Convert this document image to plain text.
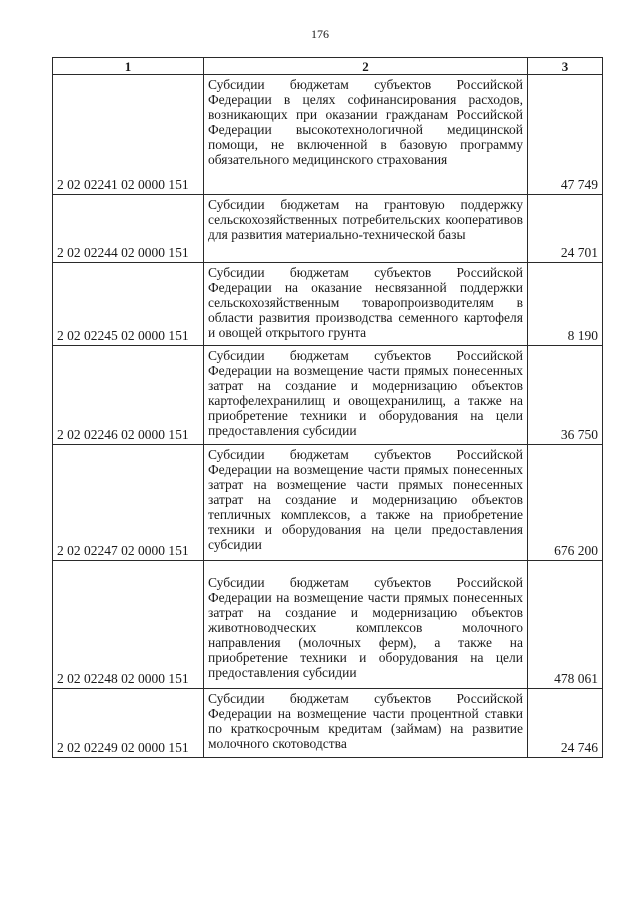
176
1	2	3
2 02 02241 02 0000 151	Субсидии бюджетам субъектов Российской Федерации в целях софинансирования расходов, возникающих при оказании гражданам Российской Федерации высокотехнологичной медицинской помощи, не включенной в базовую программу обязательного медицинского страхования	47 749
2 02 02244 02 0000 151	Субсидии бюджетам на грантовую поддержку сельскохозяйственных потребительских кооперативов для развития материально-технической базы	24 701
2 02 02245 02 0000 151	Субсидии бюджетам субъектов Российской Федерации на оказание несвязанной поддержки сельскохозяйственным товаропроизводителям в области развития производства семенного картофеля и овощей открытого грунта	8 190
2 02 02246 02 0000 151	Субсидии бюджетам субъектов Российской Федерации на возмещение части прямых понесенных затрат на создание и модернизацию объектов картофелехранилищ и овощехранилищ, а также на приобретение техники и оборудования на цели предоставления субсидии	36 750
2 02 02247 02 0000 151	Субсидии бюджетам субъектов Российской Федерации на возмещение части прямых понесенных затрат на возмещение части прямых понесенных затрат на создание и модернизацию объектов тепличных комплексов, а также на приобретение техники и оборудования на цели предоставления субсидии	676 200
2 02 02248 02 0000 151	Субсидии бюджетам субъектов Российской Федерации на возмещение части прямых понесенных затрат на создание и модернизацию объектов животноводческих комплексов молочного направления (молочных ферм), а также на приобретение техники и оборудования на цели предоставления субсидии	478 061
2 02 02249 02 0000 151	Субсидии бюджетам субъектов Российской Федерации на возмещение части процентной ставки по краткосрочным кредитам (займам) на развитие молочного скотоводства	24 746
